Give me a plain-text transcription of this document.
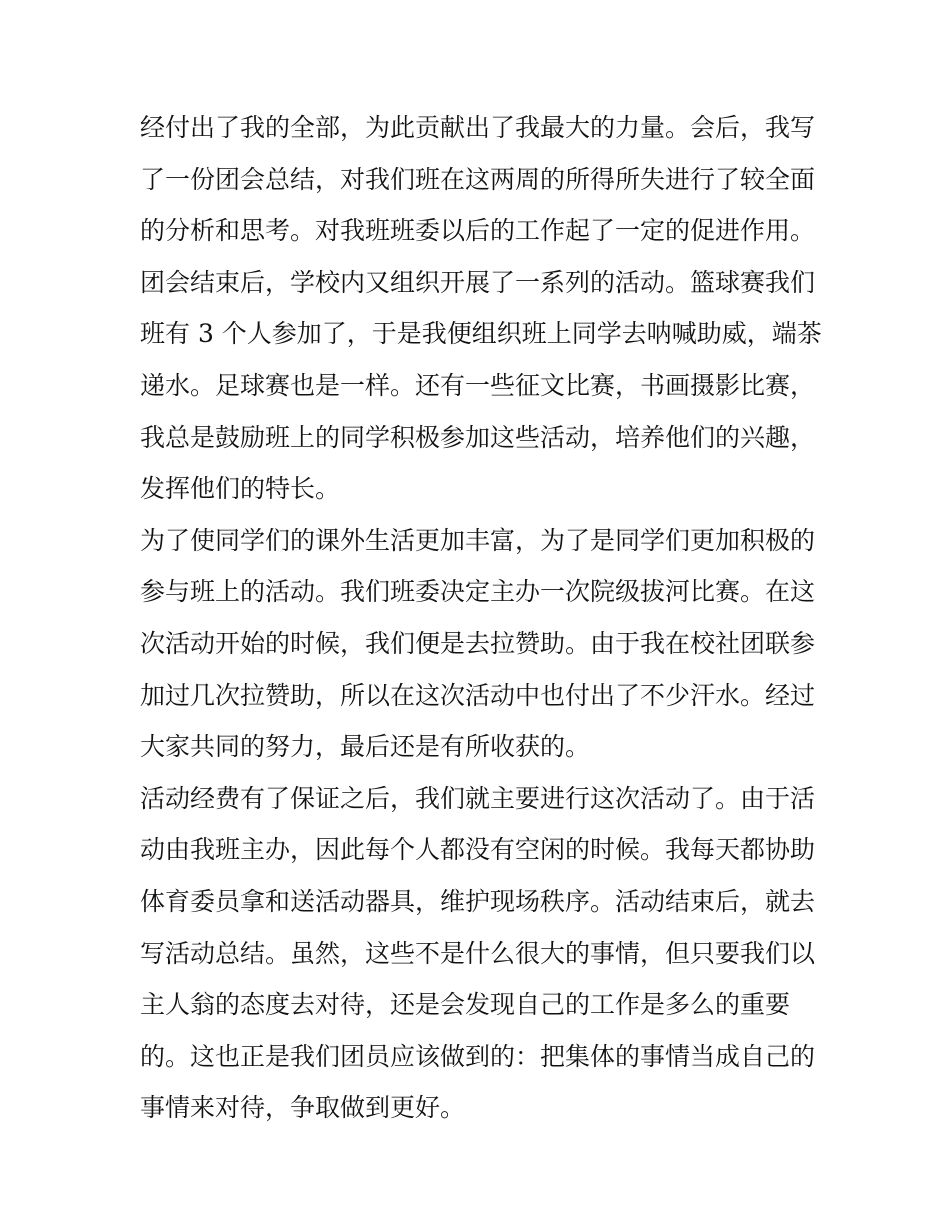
经付出了我的全部，为此贡献出了我最大的力量。会后，我写
了一份团会总结，对我们班在这两周的所得所失进行了较全面
的分析和思考。对我班班委以后的工作起了一定的促进作用。
团会结束后，学校内又组织开展了一系列的活动。篮球赛我们
班有 3 个人参加了，于是我便组织班上同学去呐喊助威，端茶
递水。足球赛也是一样。还有一些征文比赛，书画摄影比赛，
我总是鼓励班上的同学积极参加这些活动，培养他们的兴趣，
发挥他们的特长。
为了使同学们的课外生活更加丰富，为了是同学们更加积极的
参与班上的活动。我们班委决定主办一次院级拔河比赛。在这
次活动开始的时候，我们便是去拉赞助。由于我在校社团联参
加过几次拉赞助，所以在这次活动中也付出了不少汗水。经过
大家共同的努力，最后还是有所收获的。
活动经费有了保证之后，我们就主要进行这次活动了。由于活
动由我班主办，因此每个人都没有空闲的时候。我每天都协助
体育委员拿和送活动器具，维护现场秩序。活动结束后，就去
写活动总结。虽然，这些不是什么很大的事情，但只要我们以
主人翁的态度去对待，还是会发现自己的工作是多么的重要
的。这也正是我们团员应该做到的：把集体的事情当成自己的
事情来对待，争取做到更好。
